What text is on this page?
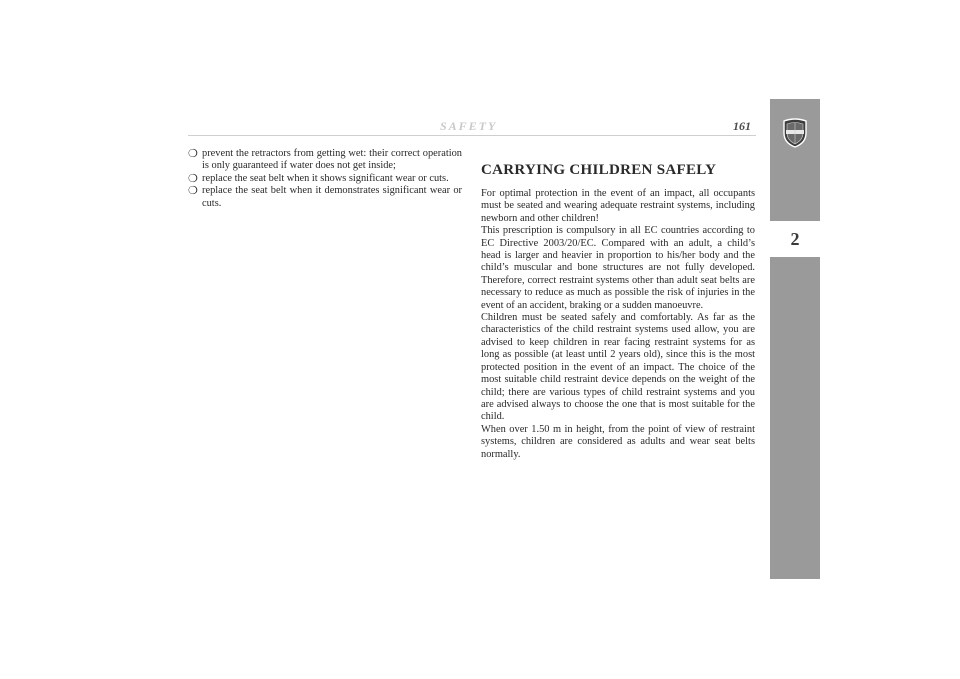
SAFETY	161
2
❍ prevent the retractors from getting wet: their correct operation is only guaranteed if water does not get inside;
❍ replace the seat belt when it shows significant wear or cuts.
❍ replace the seat belt when it demonstrates significant wear or cuts.
CARRYING CHILDREN SAFELY

For optimal protection in the event of an impact, all occupants must be seated and wearing adequate restraint systems, including newborn and other children!

This prescription is compulsory in all EC countries according to EC Directive 2003/20/EC. Compared with an adult, a child’s head is larger and heavier in proportion to his/her body and the child’s muscular and bone structures are not fully developed. Therefore, correct restraint systems other than adult seat belts are necessary to reduce as much as possible the risk of injuries in the event of an accident, braking or a sudden manoeuvre.

Children must be seated safely and comfortably. As far as the characteristics of the child restraint systems used allow, you are advised to keep children in rear facing restraint systems for as long as possible (at least until 2 years old), since this is the most protected position in the event of an impact. The choice of the most suitable child restraint device depends on the weight of the child; there are various types of child restraint systems and you are advised always to choose the one that is most suitable for the child.

When over 1.50 m in height, from the point of view of restraint systems, children are considered as adults and wear seat belts normally.
